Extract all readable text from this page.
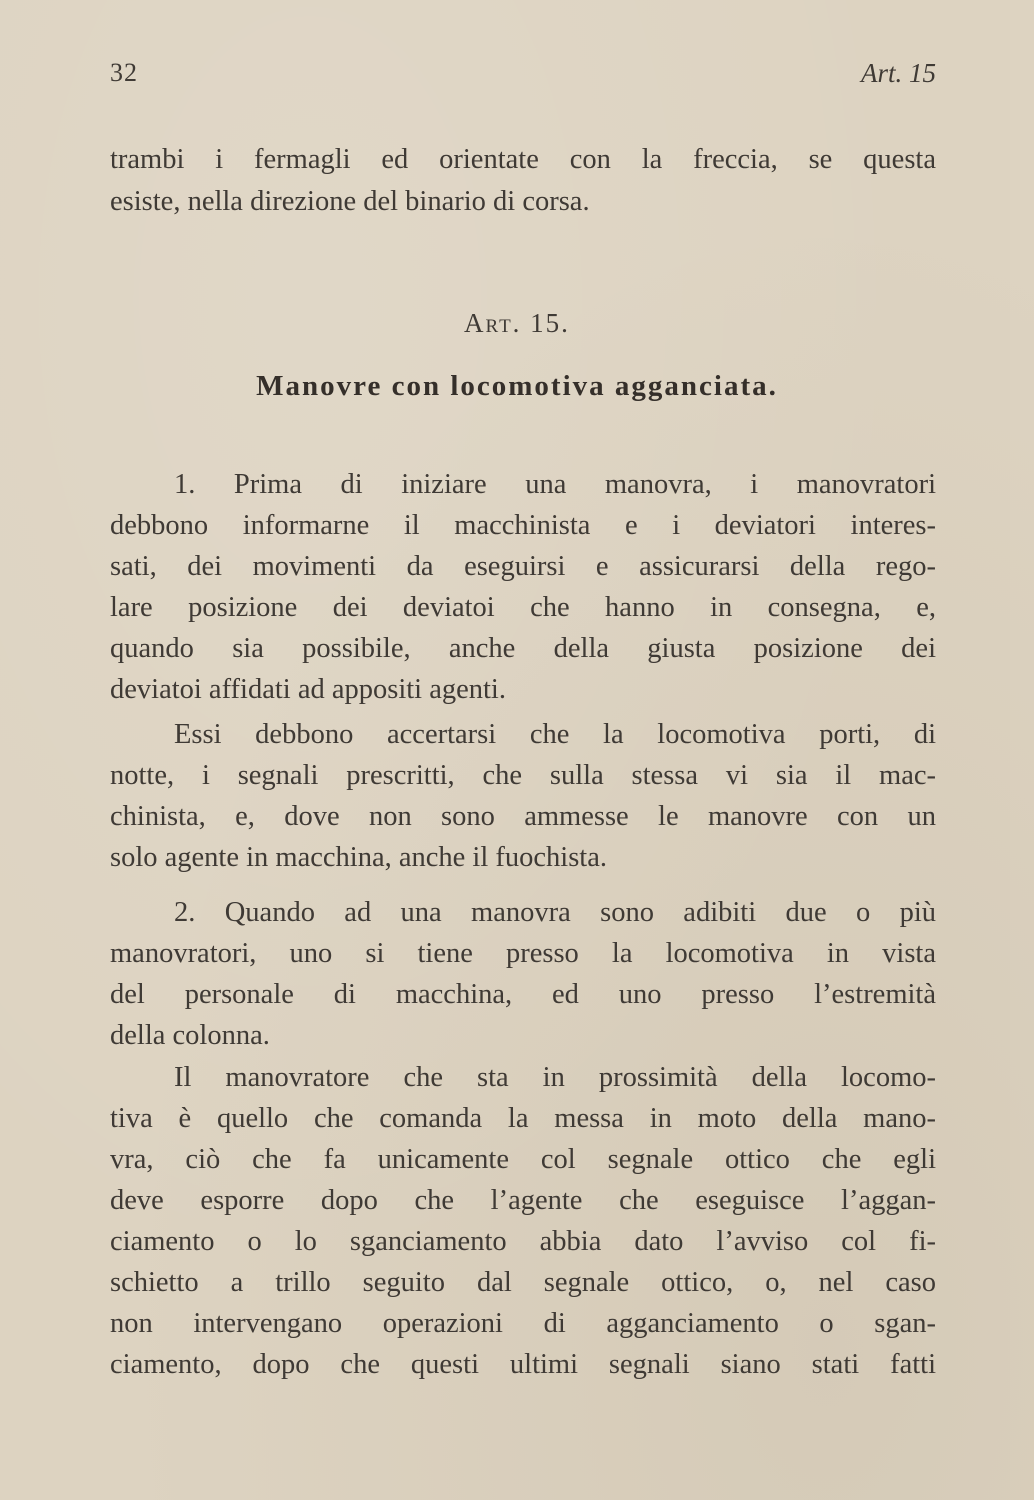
32	Art. 15
trambi i fermagli ed orientate con la freccia, se questa
esiste, nella direzione del binario di corsa.
Art. 15.
Manovre con locomotiva agganciata.
1. Prima di iniziare una manovra, i manovratori
debbono informarne il macchinista e i deviatori interes-
sati, dei movimenti da eseguirsi e assicurarsi della rego-
lare posizione dei deviatoi che hanno in consegna, e,
quando sia possibile, anche della giusta posizione dei
deviatoi affidati ad appositi agenti.
Essi debbono accertarsi che la locomotiva porti, di
notte, i segnali prescritti, che sulla stessa vi sia il mac-
chinista, e, dove non sono ammesse le manovre con un
solo agente in macchina, anche il fuochista.
2. Quando ad una manovra sono adibiti due o più
manovratori, uno si tiene presso la locomotiva in vista
del personale di macchina, ed uno presso l’estremità
della colonna.
Il manovratore che sta in prossimità della locomo-
tiva è quello che comanda la messa in moto della mano-
vra, ciò che fa unicamente col segnale ottico che egli
deve esporre dopo che l’agente che eseguisce l’aggan-
ciamento o lo sganciamento abbia dato l’avviso col fi-
schietto a trillo seguito dal segnale ottico, o, nel caso
non intervengano operazioni di agganciamento o sgan-
ciamento, dopo che questi ultimi segnali siano stati fatti
